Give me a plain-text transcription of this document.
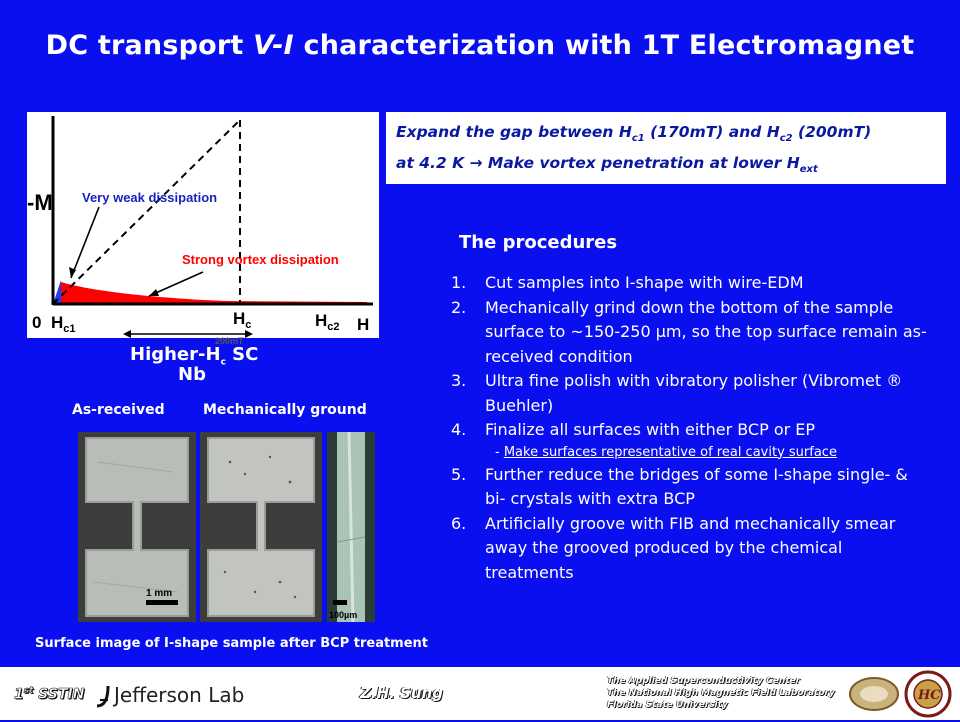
DC transport V-I characterization with 1T Electromagnet
-M Very weak dissipation
Strong vortex dissipation
0 $H_{c1}$
$H_c$	$H_{c2}$ H
200mT
Expand the gap between $H_{c1}$ (170mT) and $H_{c2}$ (200mT)
at 4.2 K → Make vortex penetration at lower $H_{ext}$
The procedures
1.	Cut samples into I-shape with wire-EDM
2.	Mechanically grind down the bottom of the sample surface to ~150-250 µm, so the top surface remain as-received condition
3.	Ultra fine polish with vibratory polisher (Vibromet ® Buehler)
4.	Finalize all surfaces with either BCP or EP
- Make surfaces representative of real cavity surface
5.	Further reduce the bridges of some I-shape single- & bi- crystals with extra BCP
6.	Artificially groove with FIB and mechanically smear away the grooved produced by the chemical treatments
Higher-$H_c$ SC
Nb
As-received	Mechanically ground
1 mm
100µm
Surface image of I-shape sample after BCP treatment
1st SSTIN Jefferson Lab	Z.H. Sung
The Applied Superconductivity Center
The National High Magnetic Field Laboratory
Florida State University
HC
